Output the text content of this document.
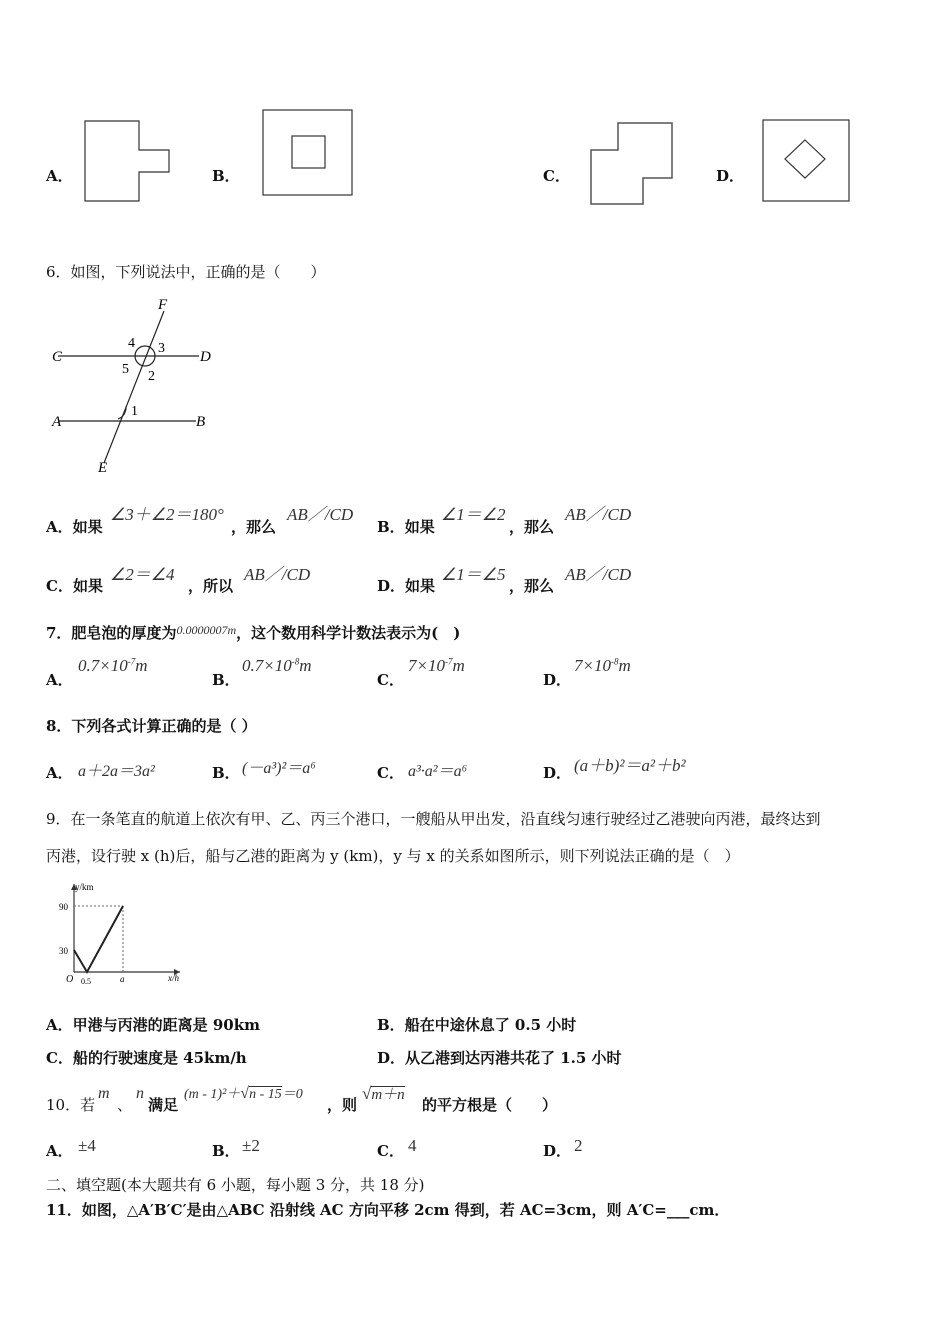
A．	B．	C．	D．
6．如图，下列说法中，正确的是（　　）
F
C
4 3
D
5 2
1
A	B
E
A．如果
∠3＋∠2＝180°
，那么
AB／/CD
B．如果
∠1＝∠2
，那么
AB／/CD
C．如果
∠2＝∠4
，所以
AB／/CD
D．如果
∠1＝∠5
，那么
AB／/CD
7．肥皂泡的厚度为$^{0.0000007m}$，这个数用科学计数法表示为(　)
A．
$0.7\times 10^{-7}m$
B．
$0.7\times 10^{-8}m$
C．
$7\times 10^{-7}m$
D．
$7\times 10^{-8}m$
8．下列各式计算正确的是（ ）
A． a＋2a＝3a²	B． (－a³)²＝a⁶	C． a³·a²＝a⁶	D． (a＋b)²＝a²＋b²
9．在一条笔直的航道上依次有甲、乙、丙三个港口，一艘船从甲出发，沿直线匀速行驶经过乙港驶向丙港，最终达到
丙港，设行驶 x (h)后，船与乙港的距离为 y (km)，y 与 x 的关系如图所示，则下列说法正确的是（　）
y/km
x/h
90
30
O 0.5	a
A．甲港与丙港的距离是 90km	B．船在中途休息了 0.5 小时
C．船的行驶速度是 45km/h	D．从乙港到达丙港共花了 1.5 小时
10．若
m
、
n
满足
(m - 1)²＋√n - 15＝0
，则
√m＋n
的平方根是（　　）
A． ±4	B． ±2	C． 4	D． 2
二、填空题(本大题共有 6 小题，每小题 3 分，共 18 分)
11．如图，△A′B′C′是由△ABC 沿射线 AC 方向平移 2cm 得到，若 AC=3cm，则 A′C=___cm．
